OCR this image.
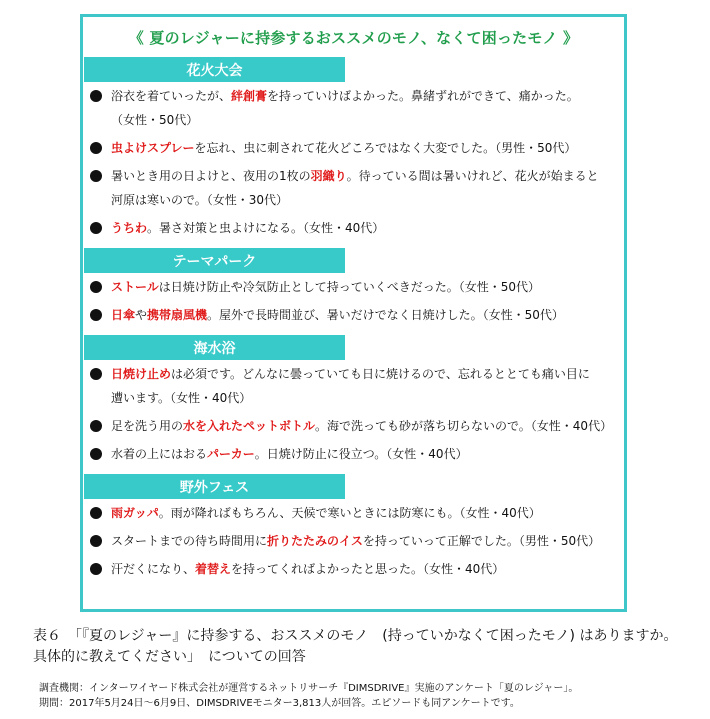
《 夏のレジャーに持参するおススメのモノ、なくて困ったモノ 》
花火大会
浴衣を着ていったが、絆創膏を持っていけばよかった。鼻緒ずれができて、痛かった。
（女性・50代）
虫よけスプレーを忘れ、虫に刺されて花火どころではなく大変でした。（男性・50代）
暑いとき用の日よけと、夜用の1枚の羽織り。待っている間は暑いけれど、花火が始まると
河原は寒いので。（女性・30代）
うちわ。暑さ対策と虫よけになる。（女性・40代）
テーマパーク
ストールは日焼け防止や冷気防止として持っていくべきだった。（女性・50代）
日傘や携帯扇風機。屋外で長時間並び、暑いだけでなく日焼けした。（女性・50代）
海水浴
日焼け止めは必須です。どんなに曇っていても日に焼けるので、忘れるととても痛い目に
遭います。（女性・40代）
足を洗う用の水を入れたペットボトル。海で洗っても砂が落ち切らないので。（女性・40代）
水着の上にはおるパーカー。日焼け防止に役立つ。（女性・40代）
野外フェス
雨ガッパ。雨が降ればもちろん、天候で寒いときには防寒にも。（女性・40代）
スタートまでの待ち時間用に折りたたみのイスを持っていって正解でした。（男性・50代）
汗だくになり、着替えを持ってくればよかったと思った。（女性・40代）
表６　「『夏のレジャー』に持参する、おススメのモノ　(持っていかなくて困ったモノ) はありますか。 具体的に教えてください」　についての回答
調査機関：インターワイヤード株式会社が運営するネットリサーチ『DIMSDRIVE』実施のアンケート「夏のレジャー」。
期間：2017年5月24日～6月9日、DIMSDRIVEモニター3,813人が回答。エピソードも同アンケートです。
